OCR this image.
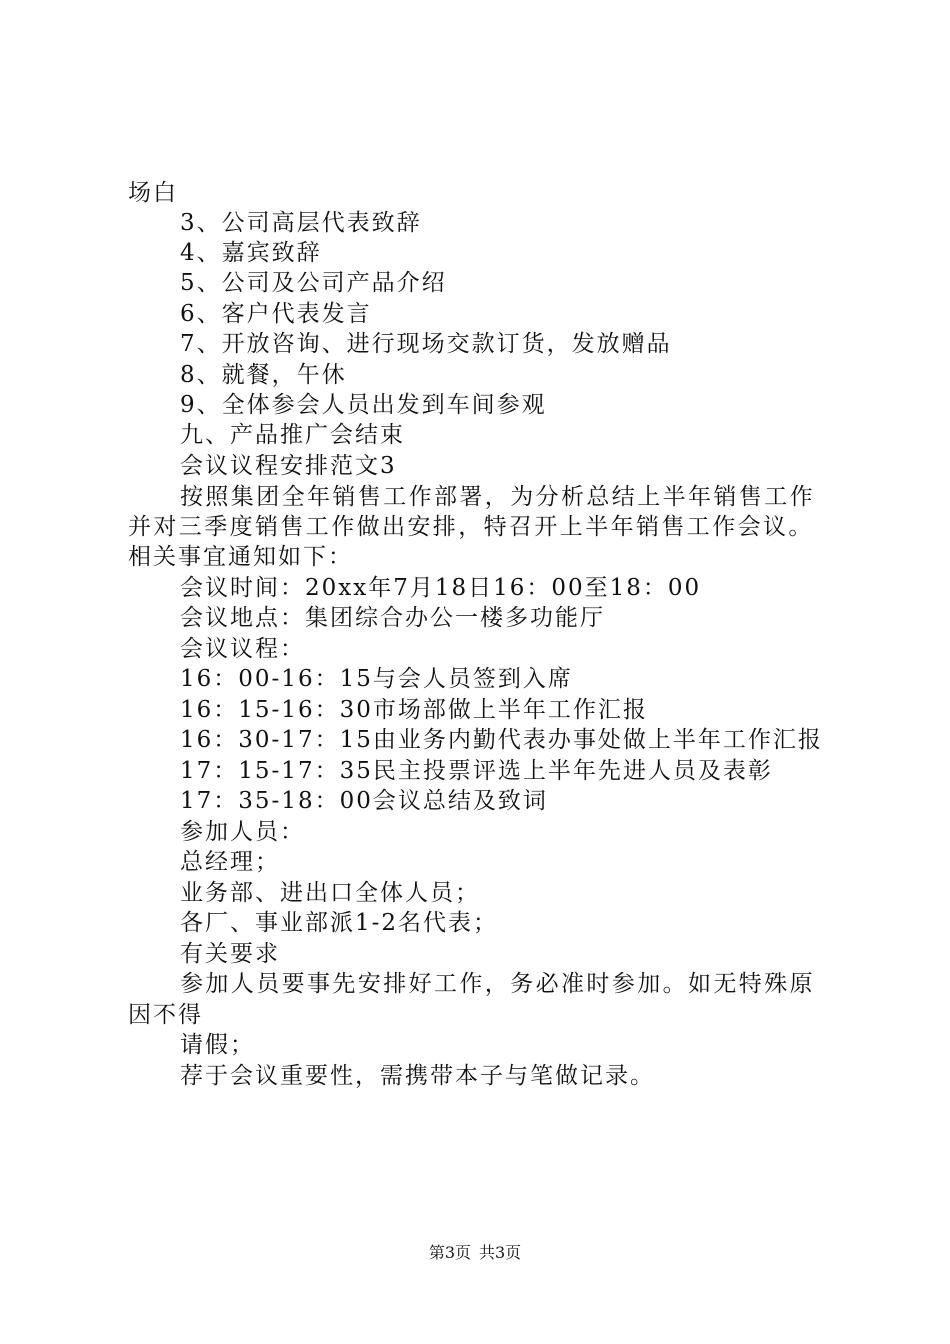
场白
3、公司高层代表致辞
4、嘉宾致辞
5、公司及公司产品介绍
6、客户代表发言
7、开放咨询、进行现场交款订货，发放赠品
8、就餐，午休
9、全体参会人员出发到车间参观
九、产品推广会结束
会议议程安排范文3
按照集团全年销售工作部署，为分析总结上半年销售工作
并对三季度销售工作做出安排，特召开上半年销售工作会议。
相关事宜通知如下：
会议时间：20xx年7月18日16：00至18：00
会议地点：集团综合办公一楼多功能厅
会议议程：
16：00-16：15与会人员签到入席
16：15-16：30市场部做上半年工作汇报
16：30-17：15由业务内勤代表办事处做上半年工作汇报
17：15-17：35民主投票评选上半年先进人员及表彰
17：35-18：00会议总结及致词
参加人员：
总经理；
业务部、进出口全体人员；
各厂、事业部派1-2名代表；
有关要求
参加人员要事先安排好工作，务必准时参加。如无特殊原
因不得
请假；
荐于会议重要性，需携带本子与笔做记录。
第3页 共3页
